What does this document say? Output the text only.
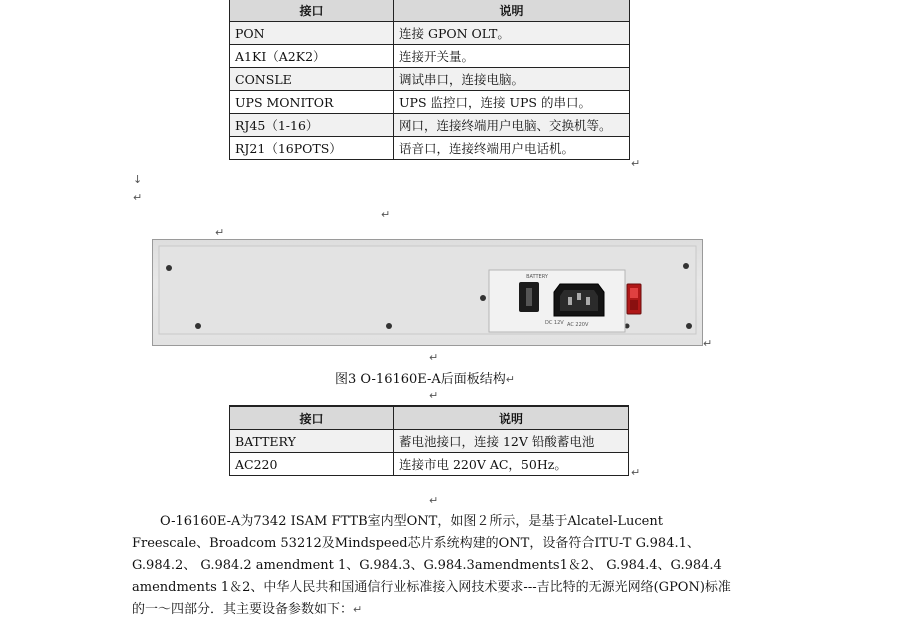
接口	说明
PON	连接 GPON OLT。
A1KI（A2K2）	连接开关量。
CONSLE	调试串口，连接电脑。
UPS MONITOR	UPS 监控口，连接 UPS 的串口。
RJ45（1-16）	网口，连接终端用户电脑、交换机等。
RJ21（16POTS）	语音口，连接终端用户电话机。
↵
↓
↵
↵
↵
BATTERY
DC 12V AC 220V
↵
↵
图3 O-16160E-A后面板结构↵
↵
接口	说明
BATTERY	蓄电池接口，连接 12V 铅酸蓄电池
AC220	连接市电 220V AC，50Hz。
↵
↵

O-16160E-A为7342 ISAM FTTB室内型ONT，如图２所示，是基于Alcatel-Lucent Freescale、Broadcom 53212及Mindspeed芯片系统构建的ONT，设备符合ITU-T G.984.1、 G.984.2、 G.984.2 amendment 1、G.984.3、G.984.3amendments1＆2、 G.984.4、G.984.4 amendments 1＆2、中华人民共和国通信行业标准接入网技术要求---吉比特的无源光网络(GPON)标准的一～四部分．其主要设备参数如下：↵
